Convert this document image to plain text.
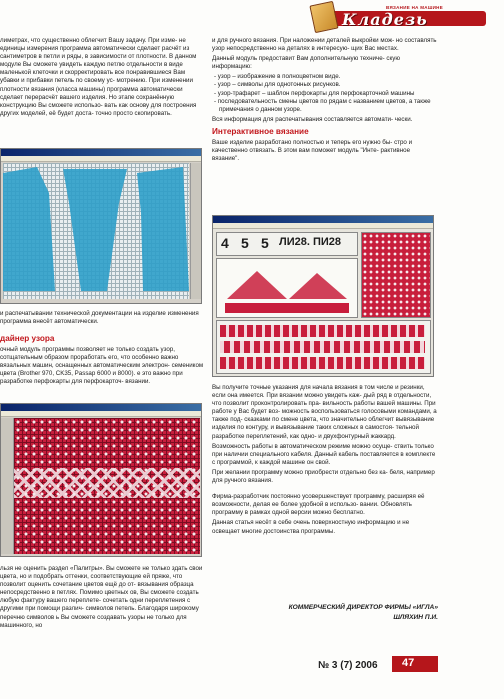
ВЯЗАНИЕ НА МАШИНЕ
Кладезь

лиметрах, что существенно облегчит Вашу задачу. При изме- не единицы измерения программа автоматически сделает расчёт из сантиметров в петли и ряды, в зависимости от плотности. В данном модуле Вы сможете увидеть каждую петлю отдельности в виде маленькой клеточки и скорректировать все понравившиеся Вам убавки и прибавки петель по своему ус- мотрению. При изменении плотности вязания (класса машины) программа автоматически сделает перерасчёт вашего изделия. Но этапе сохранённую конструкцию Вы сможете использо- вать как основу для построения других моделей, её будет доста- точно просто скопировать.

и распечатывании технической документации на изделие изменения программа внесёт автоматически.
дайнер узора

очный модуль программы позволяет не только создать узор, сотщательным образом проработать его, что особенно важно вязальных машин, оснащенных автоматическим электрон- семеником цвета (Brother 970, CK35, Passap 6000 и 8000). е это важно при разработке перфокарты для перфокарточ- вязании.

льзя не оценить раздел «Палитры». Вы сможете не только здать свои цвета, но и подобрать оттенки, соответствующие ей пряже, что позволит оценить сочетание цветов ещё до от- вязывания образца непосредственно в петлях. Помимо цветных ов, Вы сможете создать любую фактуру вашего переплете- сочетать одни переплетения с другими при помощи различ- символов петель. Благодаря широкому перечню символов ь Вы сможете создавать узоры не только для машинного, но

и для ручного вязания. При наложении деталей выкройки мож- но составлять узор непосредственно на деталях в интересую- щих Вас местах.

Данный модуль предоставит Вам дополнительную техниче- скую информацию:

- узор – изображение в полноцветном виде.
- узор – символы для однотонных рисунков.
- узор-трафарет – шаблон перфокарты для перфокарточной машины
- последовательность смены цветов по рядам с названием цветов, а также примечания о данном узоре.

Вся информация для распечатывания составляется автомати- чески.

Интерактивное вязание

Ваше изделие разработано полностью и теперь его нужно бы- стро и качественно отвязать. В этом вам поможет модуль "Инте- рактивное вязание".

4 5 5 ЛИ28. ПИ28

Вы получите точные указания для начала вязания в том числе и резинки, если она имеется. При вязании можно увидеть каж- дый ряд в отдельности, что позволит проконтролировать пра- вильность работы вашей машины. При работе у Вас будет воз- можность воспользоваться голосовыми командами, а также под- сказками по смене цвета, что значительно облегчит вывязывание изделия по контуру, и вывязывание таких сложных в самостоя- тельной разработке переплетений, как одно- и двухфонтурный жаккард.

Возможность работы в автоматическом режиме можно осуще- ствить только при наличии специального кабеля. Данный кабель поставляется в комплекте с программой, к каждой машине он свой.

При желании программу можно приобрести отдельно без ка- беля, например для ручного вязания.

Фирма-разработчик постоянно усовершенствует программу, расширяя её возможности, делая ее более удобной в использо- вании. Обновлять программу в рамках одной версии можно бесплатно.

Данная статья несёт в себе очень поверхностную информацию и не освещает многие достоинства программы.

КОММЕРЧЕСКИЙ ДИРЕКТОР ФИРМЫ «ИГЛА»
ШЛЯХИН П.И.
№ 3 (7) 2006 47
